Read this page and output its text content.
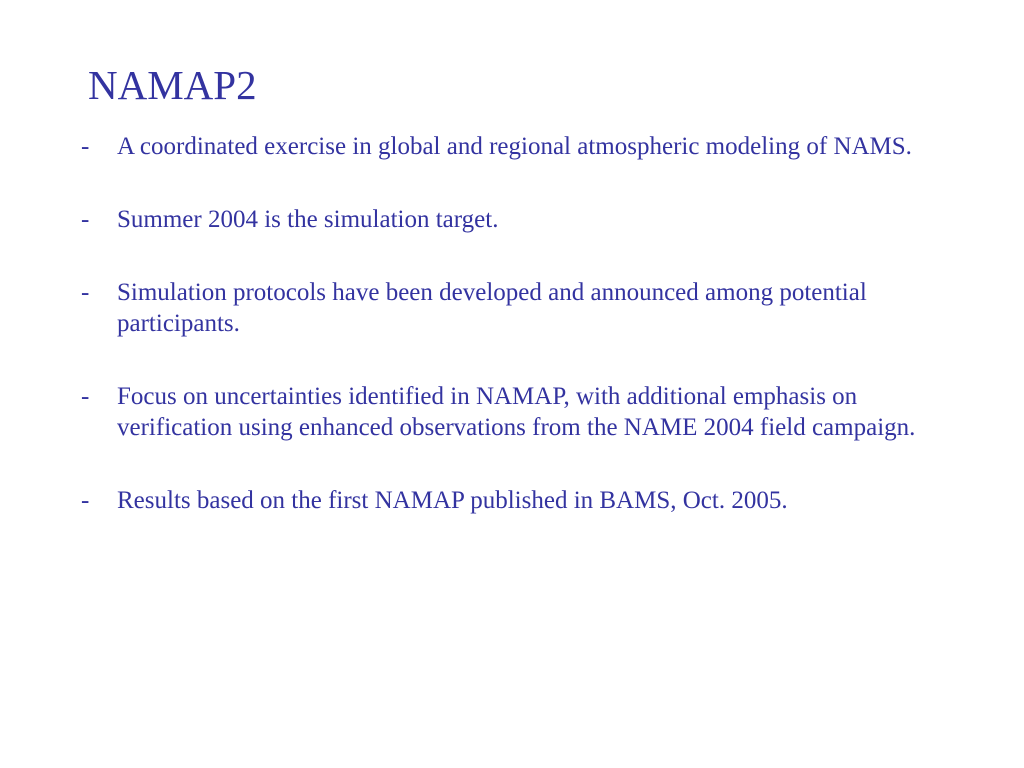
NAMAP2
- A coordinated exercise in global and regional atmospheric modeling of NAMS.
- Summer 2004 is the simulation target.
- Simulation protocols have been developed and announced among potential participants.
- Focus on uncertainties identified in NAMAP, with additional emphasis on verification using enhanced observations from the NAME 2004 field campaign.
- Results based on the first NAMAP published in BAMS, Oct. 2005.
